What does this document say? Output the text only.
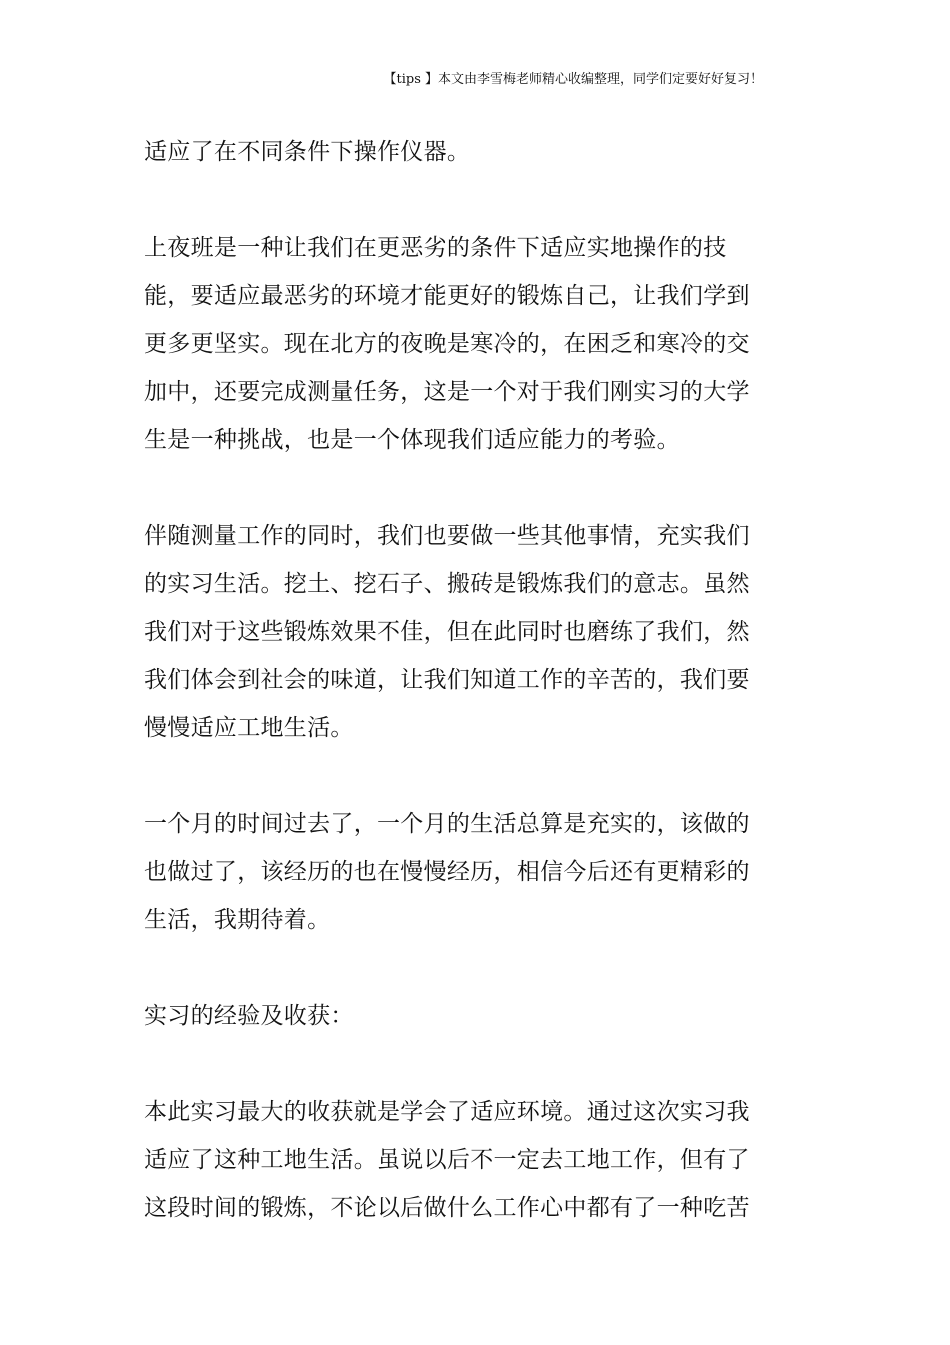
【tips 】本文由李雪梅老师精心收编整理，同学们定要好好复习！

适应了在不同条件下操作仪器。

上夜班是一种让我们在更恶劣的条件下适应实地操作的技
能，要适应最恶劣的环境才能更好的锻炼自己，让我们学到
更多更坚实。现在北方的夜晚是寒冷的，在困乏和寒冷的交
加中，还要完成测量任务，这是一个对于我们刚实习的大学
生是一种挑战，也是一个体现我们适应能力的考验。

伴随测量工作的同时，我们也要做一些其他事情，充实我们
的实习生活。挖土、挖石子、搬砖是锻炼我们的意志。虽然
我们对于这些锻炼效果不佳，但在此同时也磨练了我们，然
我们体会到社会的味道，让我们知道工作的辛苦的，我们要
慢慢适应工地生活。

一个月的时间过去了，一个月的生活总算是充实的，该做的
也做过了，该经历的也在慢慢经历，相信今后还有更精彩的
生活，我期待着。

实习的经验及收获：

本此实习最大的收获就是学会了适应环境。通过这次实习我
适应了这种工地生活。虽说以后不一定去工地工作，但有了
这段时间的锻炼，不论以后做什么工作心中都有了一种吃苦
